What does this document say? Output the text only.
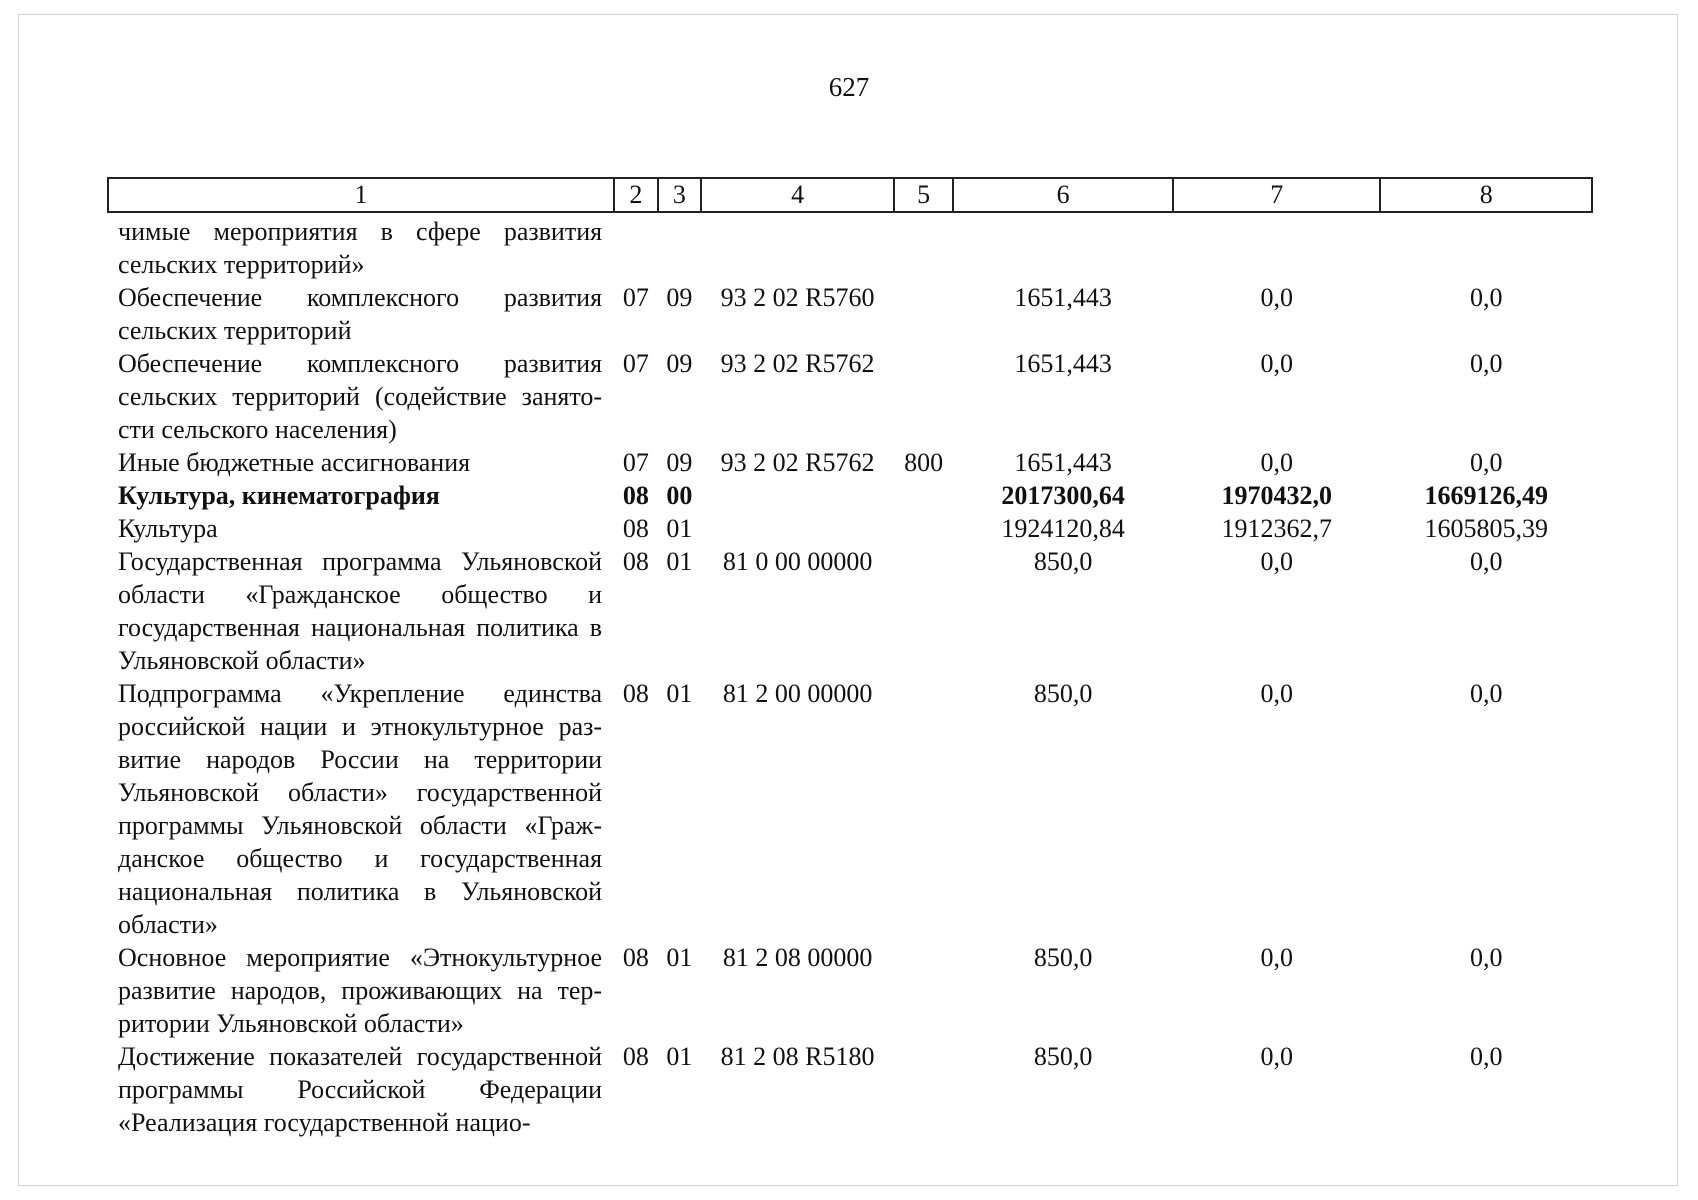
627
1	2	3	4	5	6	7	8
чимые мероприятия в сфере развития сельских территорий»							
Обеспечение комплексного развития сельских территорий	07	09	93 2 02 R5760		1651,443	0,0	0,0
Обеспечение комплексного развития сельских территорий (содействие занятости сельского населения)	07	09	93 2 02 R5762		1651,443	0,0	0,0
Иные бюджетные ассигнования	07	09	93 2 02 R5762	800	1651,443	0,0	0,0
Культура, кинематография	08	00			2017300,64	1970432,0	1669126,49
Культура	08	01			1924120,84	1912362,7	1605805,39
Государственная программа Ульяновской области «Гражданское общество и государственная национальная политика в Ульяновской области»	08	01	81 0 00 00000		850,0	0,0	0,0
Подпрограмма «Укрепление единства российской нации и этнокультурное развитие народов России на территории Ульяновской области» государственной программы Ульяновской области «Гражданское общество и государственная национальная политика в Ульяновской области»	08	01	81 2 00 00000		850,0	0,0	0,0
Основное мероприятие «Этнокультурное развитие народов, проживающих на территории Ульяновской области»	08	01	81 2 08 00000		850,0	0,0	0,0
Достижение показателей государственной программы Российской Федерации «Реализация государственной нацио-	08	01	81 2 08 R5180		850,0	0,0	0,0
